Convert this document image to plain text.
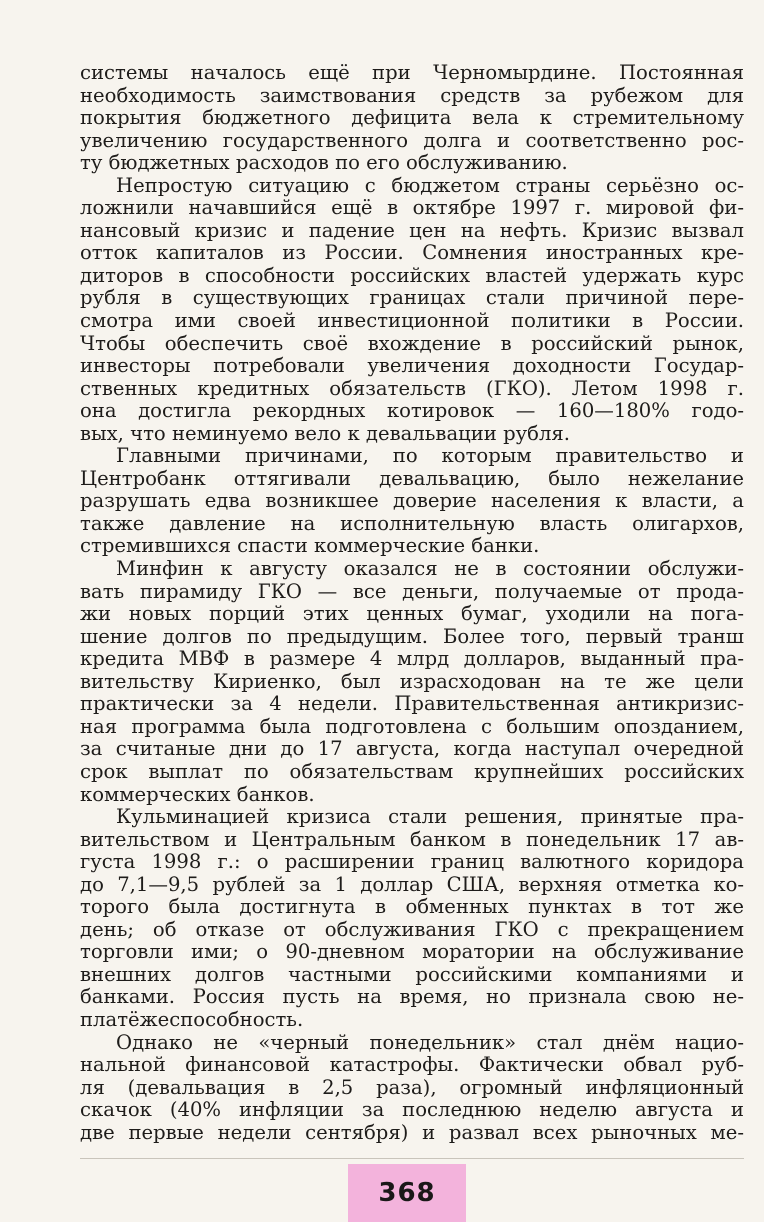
системы началось ещё при Черномырдине. Постоянная
необходимость заимствования средств за рубежом для
покрытия бюджетного дефицита вела к стремительному
увеличению государственного долга и соответственно рос-
ту бюджетных расходов по его обслуживанию.
Непростую ситуацию с бюджетом страны серьёзно ос-
ложнили начавшийся ещё в октябре 1997 г. мировой фи-
нансовый кризис и падение цен на нефть. Кризис вызвал
отток капиталов из России. Сомнения иностранных кре-
диторов в способности российских властей удержать курс
рубля в существующих границах стали причиной пере-
смотра ими своей инвестиционной политики в России.
Чтобы обеспечить своё вхождение в российский рынок,
инвесторы потребовали увеличения доходности Государ-
ственных кредитных обязательств (ГКО). Летом 1998 г.
она достигла рекордных котировок — 160—180% годо-
вых, что неминуемо вело к девальвации рубля.
Главными причинами, по которым правительство и
Центробанк оттягивали девальвацию, было нежелание
разрушать едва возникшее доверие населения к власти, а
также давление на исполнительную власть олигархов,
стремившихся спасти коммерческие банки.
Минфин к августу оказался не в состоянии обслужи-
вать пирамиду ГКО — все деньги, получаемые от прода-
жи новых порций этих ценных бумаг, уходили на пога-
шение долгов по предыдущим. Более того, первый транш
кредита МВФ в размере 4 млрд долларов, выданный пра-
вительству Кириенко, был израсходован на те же цели
практически за 4 недели. Правительственная антикризис-
ная программа была подготовлена с большим опозданием,
за считаные дни до 17 августа, когда наступал очередной
срок выплат по обязательствам крупнейших российских
коммерческих банков.
Кульминацией кризиса стали решения, принятые пра-
вительством и Центральным банком в понедельник 17 ав-
густа 1998 г.: о расширении границ валютного коридора
до 7,1—9,5 рублей за 1 доллар США, верхняя отметка ко-
торого была достигнута в обменных пунктах в тот же
день; об отказе от обслуживания ГКО с прекращением
торговли ими; о 90-дневном моратории на обслуживание
внешних долгов частными российскими компаниями и
банками. Россия пусть на время, но признала свою не-
платёжеспособность.
Однако не «черный понедельник» стал днём нацио-
нальной финансовой катастрофы. Фактически обвал руб-
ля (девальвация в 2,5 раза), огромный инфляционный
скачок (40% инфляции за последнюю неделю августа и
две первые недели сентября) и развал всех рыночных ме-
368
